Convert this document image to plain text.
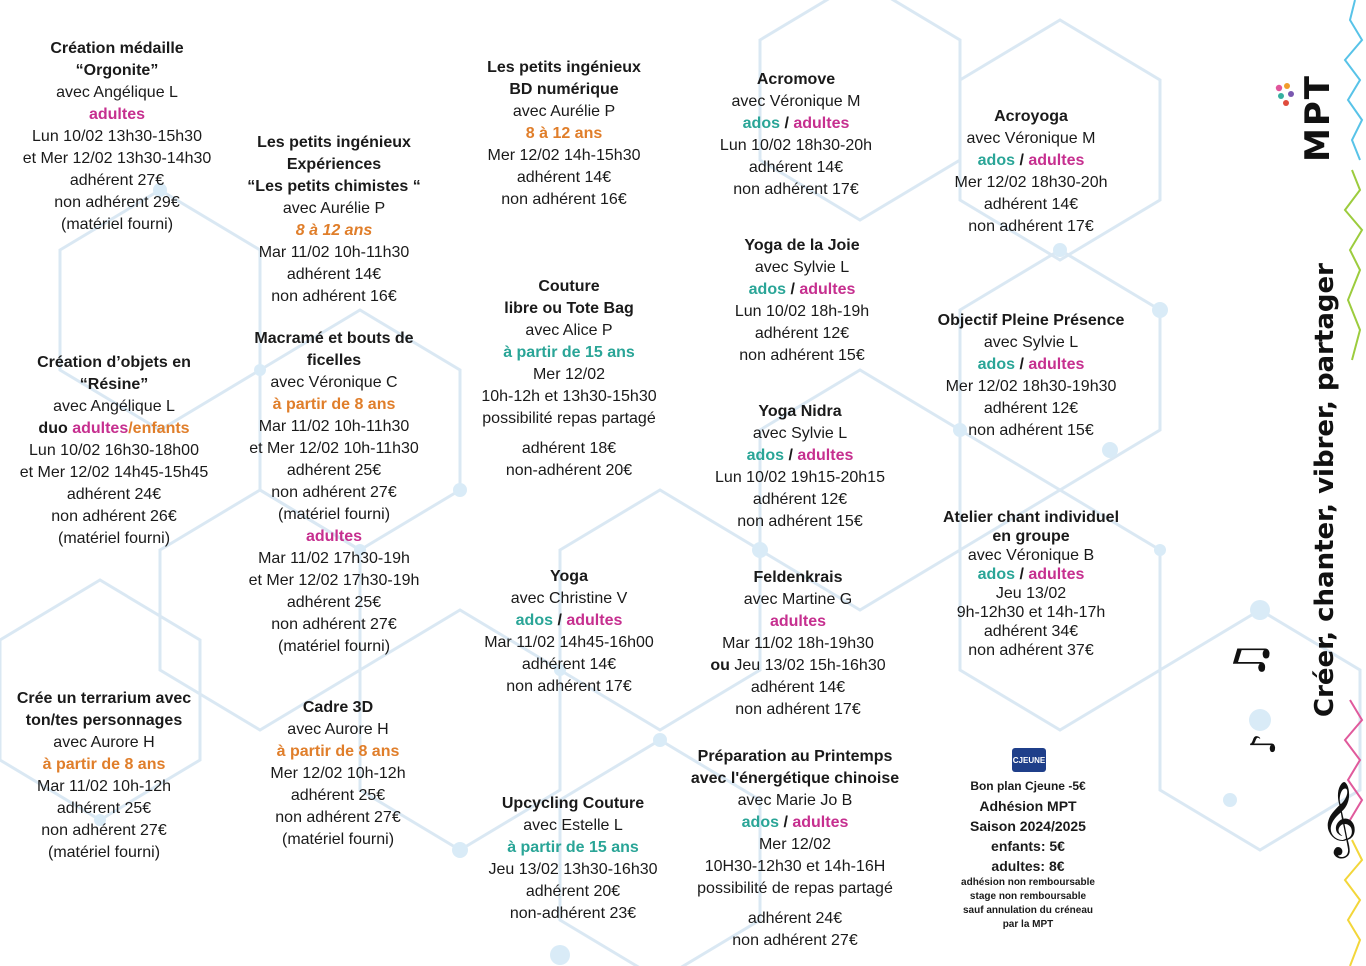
𝄞
♫
♪
MPT
Créer, chanter, vibrer, partager
Création médaille
“Orgonite”
avec Angélique L
adultes
Lun 10/02 13h30-15h30
et Mer 12/02 13h30-14h30
adhérent 27€
non adhérent 29€
(matériel fourni)
Création d’objets en
“Résine”
avec Angélique L
duo adultes/enfants
Lun 10/02 16h30-18h00
et Mer 12/02 14h45-15h45
adhérent 24€
non adhérent 26€
(matériel fourni)
Crée un terrarium avec
ton/tes personnages
avec Aurore H
à partir de 8 ans
Mar 11/02 10h-12h
adhérent 25€
non adhérent 27€
(matériel fourni)
Les petits ingénieux
Expériences
“Les petits chimistes “
avec Aurélie P
8 à 12 ans
Mar 11/02 10h-11h30
adhérent 14€
non adhérent 16€
Macramé et bouts de
ficelles
avec Véronique C
à partir de 8 ans
Mar 11/02 10h-11h30
et Mer 12/02 10h-11h30
adhérent 25€
non adhérent 27€
(matériel fourni)
adultes
Mar 11/02 17h30-19h
et Mer 12/02 17h30-19h
adhérent 25€
non adhérent 27€
(matériel fourni)
Cadre 3D
avec Aurore H
à partir de 8 ans
Mer 12/02 10h-12h
adhérent 25€
non adhérent 27€
(matériel fourni)
Les petits ingénieux
BD numérique
avec Aurélie P
8 à 12 ans
Mer 12/02 14h-15h30
adhérent 14€
non adhérent 16€
Couture
libre ou Tote Bag
avec Alice P
à partir de 15 ans
Mer 12/02
10h-12h et 13h30-15h30
possibilité repas partagé
adhérent 18€
non-adhérent 20€
Yoga
avec Christine V
ados / adultes
Mar 11/02 14h45-16h00
adhérent 14€
non adhérent 17€
Upcycling Couture
avec Estelle L
à partir de 15 ans
Jeu 13/02 13h30-16h30
adhérent 20€
non-adhérent 23€
Acromove
avec Véronique M
ados / adultes
Lun 10/02 18h30-20h
adhérent 14€
non adhérent 17€
Yoga de la Joie
avec Sylvie L
ados / adultes
Lun 10/02 18h-19h
adhérent 12€
non adhérent 15€
Yoga Nidra
avec Sylvie L
ados / adultes
Lun 10/02 19h15-20h15
adhérent 12€
non adhérent 15€
Feldenkrais
avec Martine G
adultes
Mar 11/02 18h-19h30
ou Jeu 13/02 15h-16h30
adhérent 14€
non adhérent 17€
Préparation au Printemps
avec l'énergétique chinoise
avec Marie Jo B
ados / adultes
Mer 12/02
10H30-12h30 et 14h-16H
possibilité de repas partagé
adhérent 24€
non adhérent 27€
Acroyoga
avec Véronique M
ados / adultes
Mer 12/02 18h30-20h
adhérent 14€
non adhérent 17€
Objectif Pleine Présence
avec Sylvie L
ados / adultes
Mer 12/02 18h30-19h30
adhérent 12€
non adhérent 15€
Atelier chant individuel
en groupe
avec Véronique B
ados / adultes
Jeu 13/02
9h-12h30 et 14h-17h
adhérent 34€
non adhérent 37€
CJEUNE
Bon plan Cjeune -5€
Adhésion MPT
Saison 2024/2025
enfants: 5€
adultes: 8€
adhésion non remboursable
stage non remboursable
sauf annulation du créneau
par la MPT
